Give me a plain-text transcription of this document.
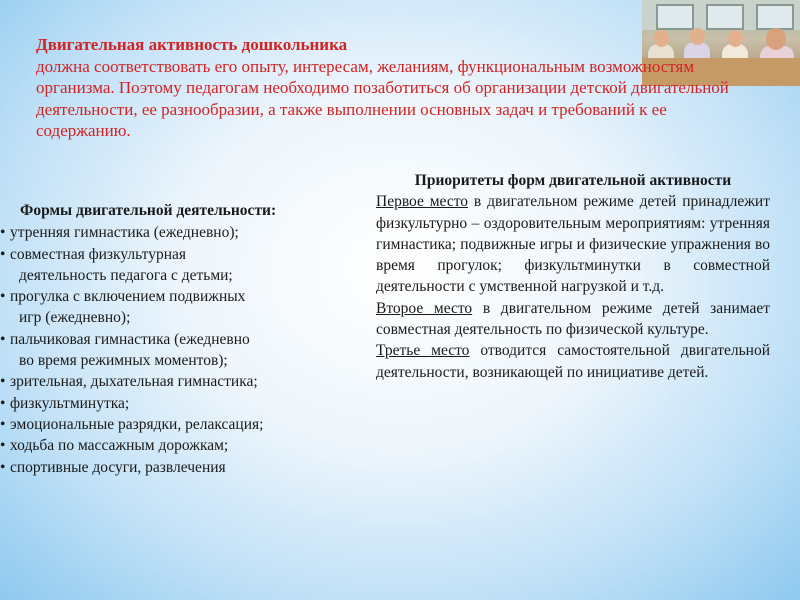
Двигательная активность дошкольника
должна соответствовать его опыту, интересам, желаниям, функциональным возможностям организма. Поэтому педагогам необходимо позаботиться об организации детской двигательной деятельности, ее разнообразии, а также выполнении основных задач и требований к ее содержанию.
Формы двигательной деятельности:
• утренняя гимнастика (ежедневно);
• совместная физкультурная
деятельность педагога с детьми;
• прогулка с включением подвижных
игр (ежедневно);
• пальчиковая гимнастика (ежедневно
во время режимных моментов);
• зрительная, дыхательная гимнастика;
• физкультминутка;
• эмоциональные разрядки, релаксация;
• ходьба по массажным дорожкам;
• спортивные досуги, развлечения
Приоритеты форм двигательной активности

Первое место в двигательном режиме детей принадлежит физкультурно – оздоровительным мероприятиям: утренняя гимнастика; подвижные игры и физические упражнения во время прогулок; физкультминутки в совместной деятельности с умственной нагрузкой и т.д.

Второе место в двигательном режиме детей занимает совместная деятельность по физической культуре.

Третье место отводится самостоятельной двигательной деятельности, возникающей по инициативе детей.
